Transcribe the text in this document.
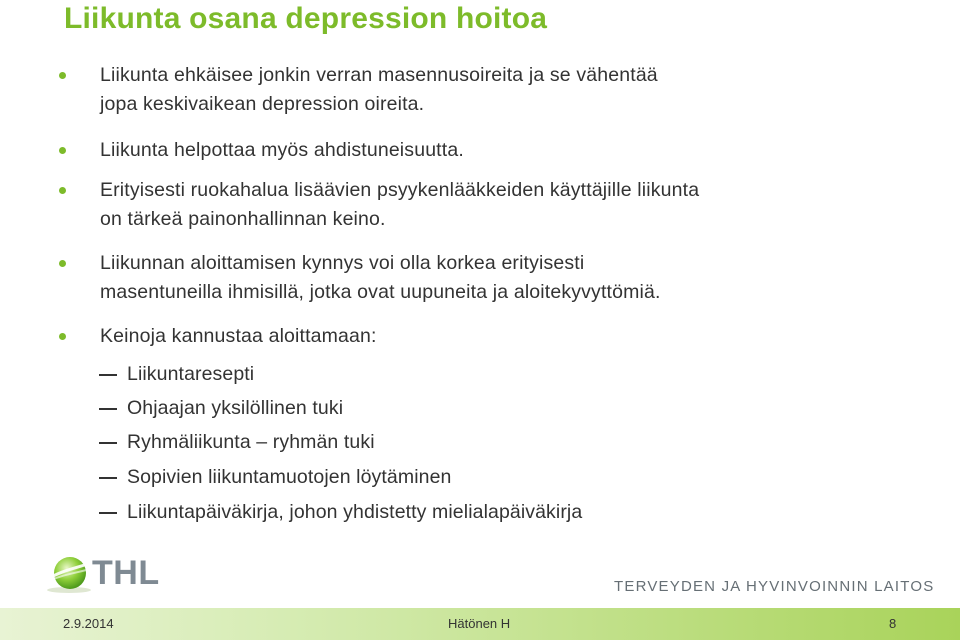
Liikunta osana depression hoitoa
Liikunta ehkäisee jonkin verran masennusoireita ja se vähentää
jopa keskivaikean depression oireita.
Liikunta helpottaa myös ahdistuneisuutta.
Erityisesti ruokahalua lisäävien psyykenlääkkeiden käyttäjille liikunta
on tärkeä painonhallinnan keino.
Liikunnan aloittamisen kynnys voi olla korkea erityisesti
masentuneilla ihmisillä, jotka ovat uupuneita ja aloitekyvyttömiä.
Keinoja kannustaa aloittamaan:
Liikuntaresepti
Ohjaajan yksilöllinen tuki
Ryhmäliikunta – ryhmän tuki
Sopivien liikuntamuotojen löytäminen
Liikuntapäiväkirja, johon yhdistetty mielialapäiväkirja
THL	TERVEYDEN JA HYVINVOINNIN LAITOS
2.9.2014	Hätönen H	8
